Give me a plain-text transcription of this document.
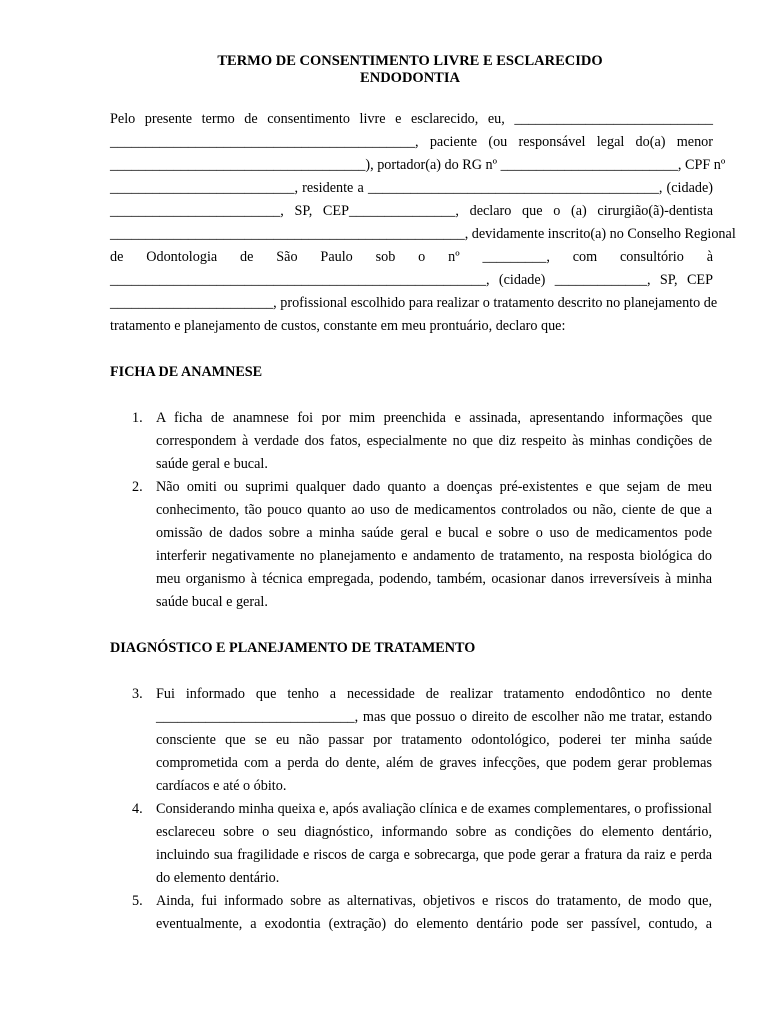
TERMO DE CONSENTIMENTO LIVRE E ESCLARECIDO
ENDODONTIA
Pelo presente termo de consentimento livre e esclarecido, eu, ____________________________
___________________________________________, paciente (ou responsável legal do(a) menor
____________________________________), portador(a) do RG nº _________________________, CPF nº
__________________________, residente a _________________________________________, (cidade)
________________________, SP, CEP_______________, declaro que o (a) cirurgião(ã)-dentista
__________________________________________________, devidamente inscrito(a) no Conselho Regional
de Odontologia de São Paulo sob o nº _________, com consultório à
_____________________________________________________, (cidade) _____________, SP, CEP
_______________________, profissional escolhido para realizar o tratamento descrito no planejamento de
tratamento e planejamento de custos, constante em meu prontuário, declaro que:
FICHA DE ANAMNESE
1. A ficha de anamnese foi por mim preenchida e assinada, apresentando informações que
correspondem à verdade dos fatos, especialmente no que diz respeito às minhas condições de
saúde geral e bucal.
2. Não omiti ou suprimi qualquer dado quanto a doenças pré-existentes e que sejam de meu
conhecimento, tão pouco quanto ao uso de medicamentos controlados ou não, ciente de que a
omissão de dados sobre a minha saúde geral e bucal e sobre o uso de medicamentos pode
interferir negativamente no planejamento e andamento de tratamento, na resposta biológica do
meu organismo à técnica empregada, podendo, também, ocasionar danos irreversíveis à minha
saúde bucal e geral.
DIAGNÓSTICO E PLANEJAMENTO DE TRATAMENTO
3. Fui informado que tenho a necessidade de realizar tratamento endodôntico no dente
____________________________, mas que possuo o direito de escolher não me tratar, estando
consciente que se eu não passar por tratamento odontológico, poderei ter minha saúde
comprometida com a perda do dente, além de graves infecções, que podem gerar problemas
cardíacos e até o óbito.
4. Considerando minha queixa e, após avaliação clínica e de exames complementares, o profissional
esclareceu sobre o seu diagnóstico, informando sobre as condições do elemento dentário,
incluindo sua fragilidade e riscos de carga e sobrecarga, que pode gerar a fratura da raiz e perda
do elemento dentário.
5. Ainda, fui informado sobre as alternativas, objetivos e riscos do tratamento, de modo que,
eventualmente, a exodontia (extração) do elemento dentário pode ser passível, contudo, a
